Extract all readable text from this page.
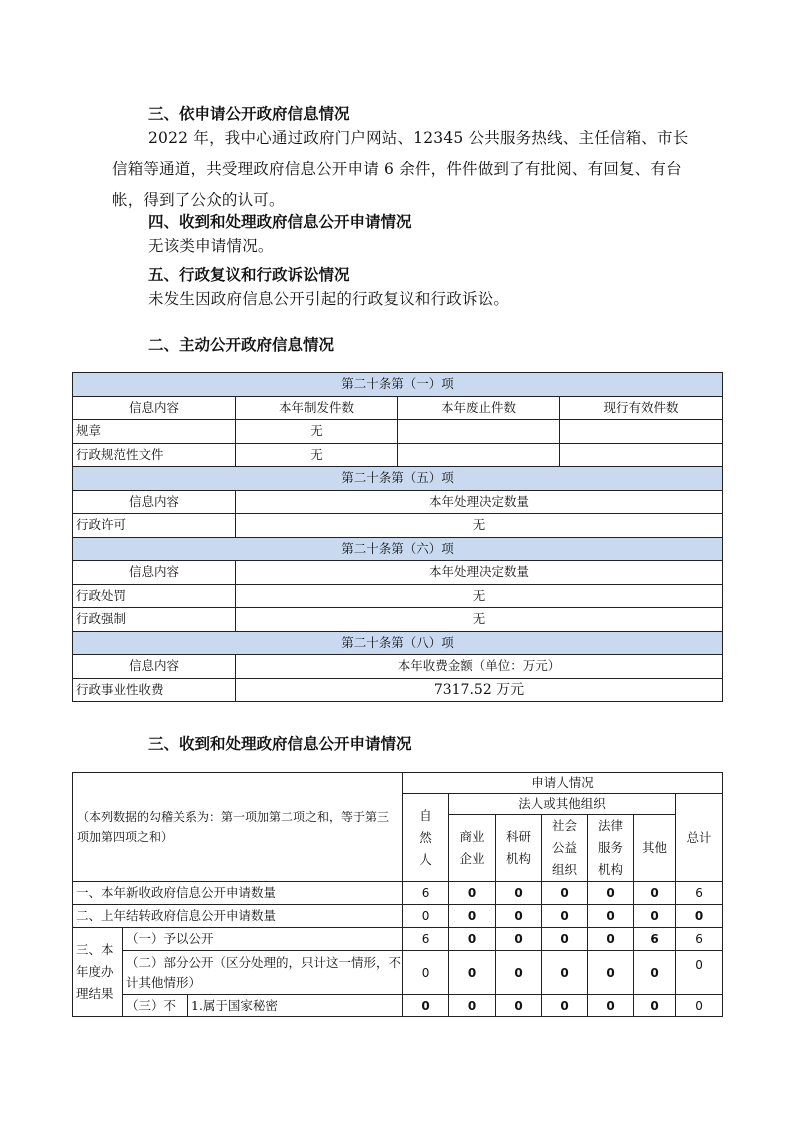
三、依申请公开政府信息情况

2022 年，我中心通过政府门户网站、12345 公共服务热线、主任信箱、市长信箱等通道，共受理政府信息公开申请 6 余件，件件做到了有批阅、有回复、有台帐，得到了公众的认可。

四、收到和处理政府信息公开申请情况

无该类申请情况。

五、行政复议和行政诉讼情况

未发生因政府信息公开引起的行政复议和行政诉讼。

二、主动公开政府信息情况

第二十条第（一）项			
信息内容	本年制发件数	本年废止件数	现行有效件数
规章	无		
行政规范性文件	无		
第二十条第（五）项			
信息内容	本年处理决定数量		
行政许可	无		
第二十条第（六）项			
信息内容	本年处理决定数量		
行政处罚	无		
行政强制	无		
第二十条第（八）项			
信息内容	本年收费金额（单位：万元）		
行政事业性收费	7317.52 万元		

三、收到和处理政府信息公开申请情况

（本列数据的勾稽关系为：第一项加第二项之和，等于第三项加第四项之和）			申请人情况						

			自然人	法人或其他组织					总计

				商业企业	科研机构	社会公益组织	法律服务机构	其他	

一、本年新收政府信息公开申请数量			6	0	0	0	0	0	6
二、上年结转政府信息公开申请数量			0	0	0	0	0	0	0
三、本年度办理结果	（一）予以公开		6	0	0	0	0	6	6
	（二）部分公开（区分处理的，只计这一情形，不计其他情形）		0	0	0	0	0	0	0
	（三）不	1.属于国家秘密	0	0	0	0	0	0	0
